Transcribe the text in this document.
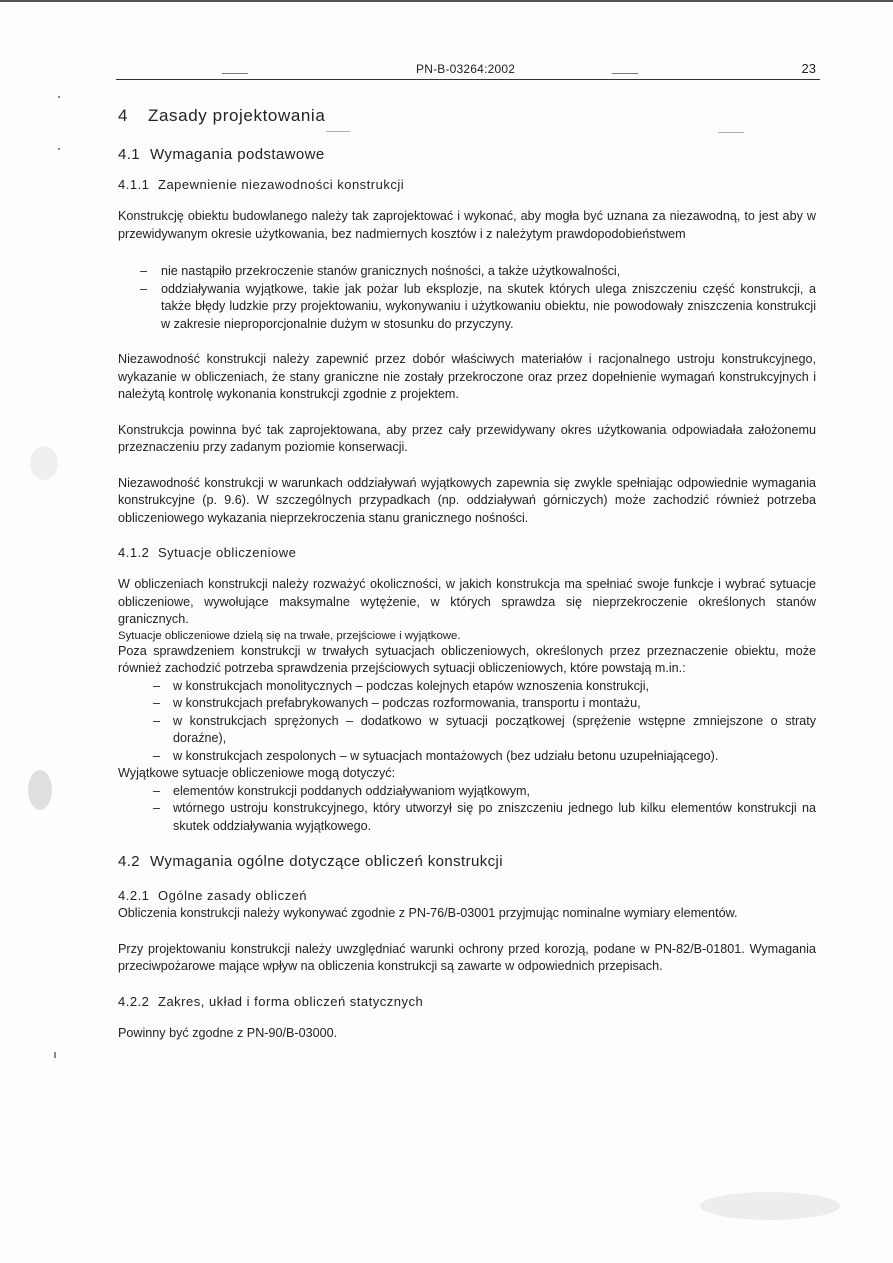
PN-B-03264:2002	23
4 Zasady projektowania
4.1 Wymagania podstawowe
4.1.1 Zapewnienie niezawodności konstrukcji

Konstrukcję obiektu budowlanego należy tak zaprojektować i wykonać, aby mogła być uznana za niezawodną, to jest aby w przewidywanym okresie użytkowania, bez nadmiernych kosztów i z należytym prawdopodobieństwem

– nie nastąpiło przekroczenie stanów granicznych nośności, a także użytkowalności,
– oddziaływania wyjątkowe, takie jak pożar lub eksplozje, na skutek których ulega zniszczeniu część konstrukcji, a także błędy ludzkie przy projektowaniu, wykonywaniu i użytkowaniu obiektu, nie powodowały zniszczenia konstrukcji w zakresie nieproporcjonalnie dużym w stosunku do przyczyny.

Niezawodność konstrukcji należy zapewnić przez dobór właściwych materiałów i racjonalnego ustroju konstrukcyjnego, wykazanie w obliczeniach, że stany graniczne nie zostały przekroczone oraz przez dopełnienie wymagań konstrukcyjnych i należytą kontrolę wykonania konstrukcji zgodnie z projektem.

Konstrukcja powinna być tak zaprojektowana, aby przez cały przewidywany okres użytkowania odpowiadała założonemu przeznaczeniu przy zadanym poziomie konserwacji.

Niezawodność konstrukcji w warunkach oddziaływań wyjątkowych zapewnia się zwykle spełniając odpowiednie wymagania konstrukcyjne (p. 9.6). W szczególnych przypadkach (np. oddziaływań górniczych) może zachodzić również potrzeba obliczeniowego wykazania nieprzekroczenia stanu granicznego nośności.

4.1.2 Sytuacje obliczeniowe

W obliczeniach konstrukcji należy rozważyć okoliczności, w jakich konstrukcja ma spełniać swoje funkcje i wybrać sytuacje obliczeniowe, wywołujące maksymalne wytężenie, w których sprawdza się nieprzekroczenie określonych stanów granicznych.

Sytuacje obliczeniowe dzielą się na trwałe, przejściowe i wyjątkowe.

Poza sprawdzeniem konstrukcji w trwałych sytuacjach obliczeniowych, określonych przez przeznaczenie obiektu, może również zachodzić potrzeba sprawdzenia przejściowych sytuacji obliczeniowych, które powstają m.in.:

– w konstrukcjach monolitycznych – podczas kolejnych etapów wznoszenia konstrukcji,
– w konstrukcjach prefabrykowanych – podczas rozformowania, transportu i montażu,
– w konstrukcjach sprężonych – dodatkowo w sytuacji początkowej (sprężenie wstępne zmniejszone o straty doraźne),
– w konstrukcjach zespolonych – w sytuacjach montażowych (bez udziału betonu uzupełniającego).

Wyjątkowe sytuacje obliczeniowe mogą dotyczyć:

– elementów konstrukcji poddanych oddziaływaniom wyjątkowym,
– wtórnego ustroju konstrukcyjnego, który utworzył się po zniszczeniu jednego lub kilku elementów konstrukcji na skutek oddziaływania wyjątkowego.
4.2 Wymagania ogólne dotyczące obliczeń konstrukcji
4.2.1 Ogólne zasady obliczeń

Obliczenia konstrukcji należy wykonywać zgodnie z PN-76/B-03001 przyjmując nominalne wymiary elementów.

Przy projektowaniu konstrukcji należy uwzględniać warunki ochrony przed korozją, podane w PN-82/B-01801. Wymagania przeciwpożarowe mające wpływ na obliczenia konstrukcji są zawarte w odpowiednich przepisach.

4.2.2 Zakres, układ i forma obliczeń statycznych

Powinny być zgodne z PN-90/B-03000.
